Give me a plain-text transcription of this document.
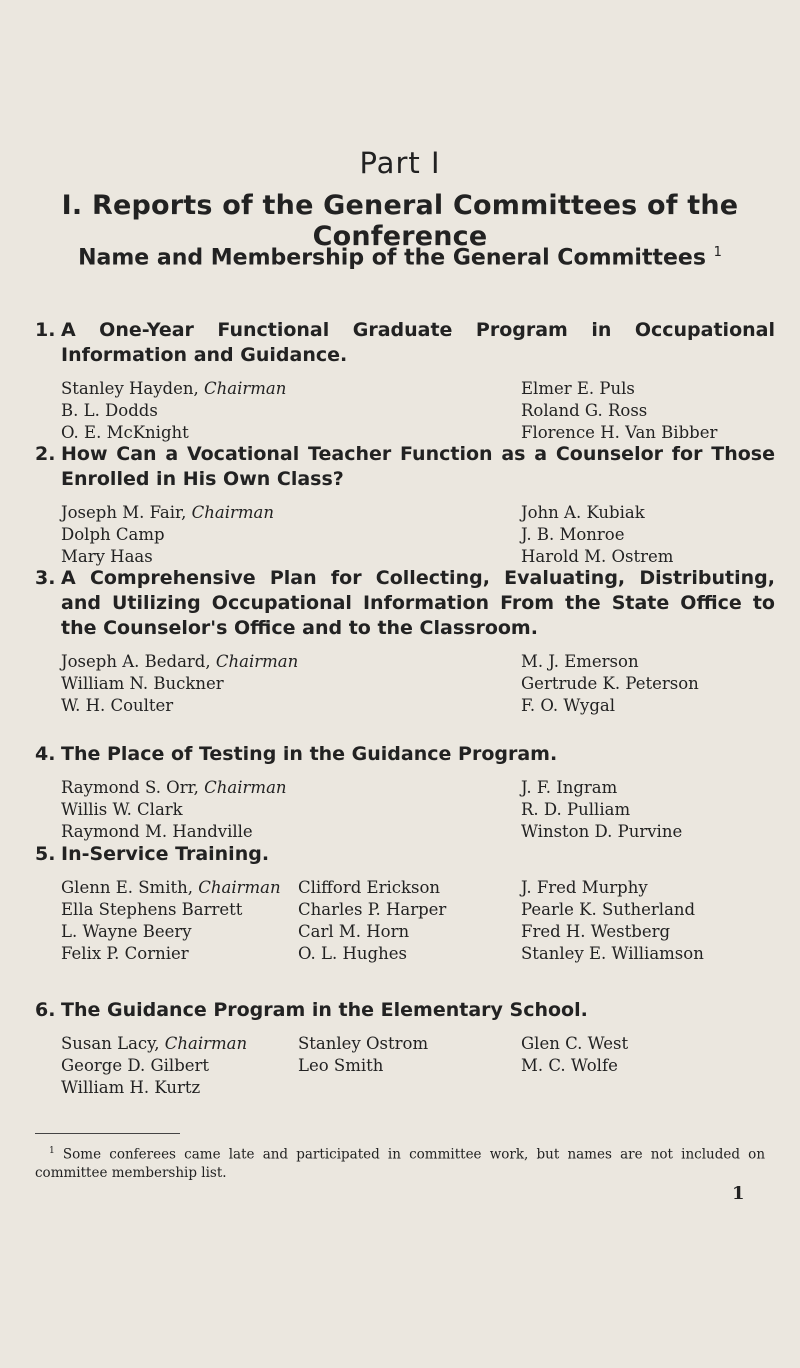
Part I
I. Reports of the General Committees of the Conference
Name and Membership of the General Committees $^1$
1. A One-Year Functional Graduate Program in Occupational Information and Guidance.
Stanley Hayden, Chairman
B. L. Dodds
O. E. McKnight
Elmer E. Puls
Roland G. Ross
Florence H. Van Bibber
2. How Can a Vocational Teacher Function as a Counselor for Those Enrolled in His Own Class?
Joseph M. Fair, Chairman
Dolph Camp
Mary Haas
John A. Kubiak
J. B. Monroe
Harold M. Ostrem
3. A Comprehensive Plan for Collecting, Evaluating, Distributing, and Utilizing Occupational Information From the State Office to the Counselor's Office and to the Classroom.
Joseph A. Bedard, Chairman
William N. Buckner
W. H. Coulter
M. J. Emerson
Gertrude K. Peterson
F. O. Wygal
4. The Place of Testing in the Guidance Program.
Raymond S. Orr, Chairman
Willis W. Clark
Raymond M. Handville
J. F. Ingram
R. D. Pulliam
Winston D. Purvine
5. In-Service Training.
Glenn E. Smith, Chairman
Ella Stephens Barrett
L. Wayne Beery
Felix P. Cornier
Clifford Erickson
Charles P. Harper
Carl M. Horn
O. L. Hughes
J. Fred Murphy
Pearle K. Sutherland
Fred H. Westberg
Stanley E. Williamson
6. The Guidance Program in the Elementary School.
Susan Lacy, Chairman
George D. Gilbert
William H. Kurtz
Stanley Ostrom
Leo Smith
Glen C. West
M. C. Wolfe
$^1$ Some conferees came late and participated in committee work, but names are not included on committee membership list.
1
